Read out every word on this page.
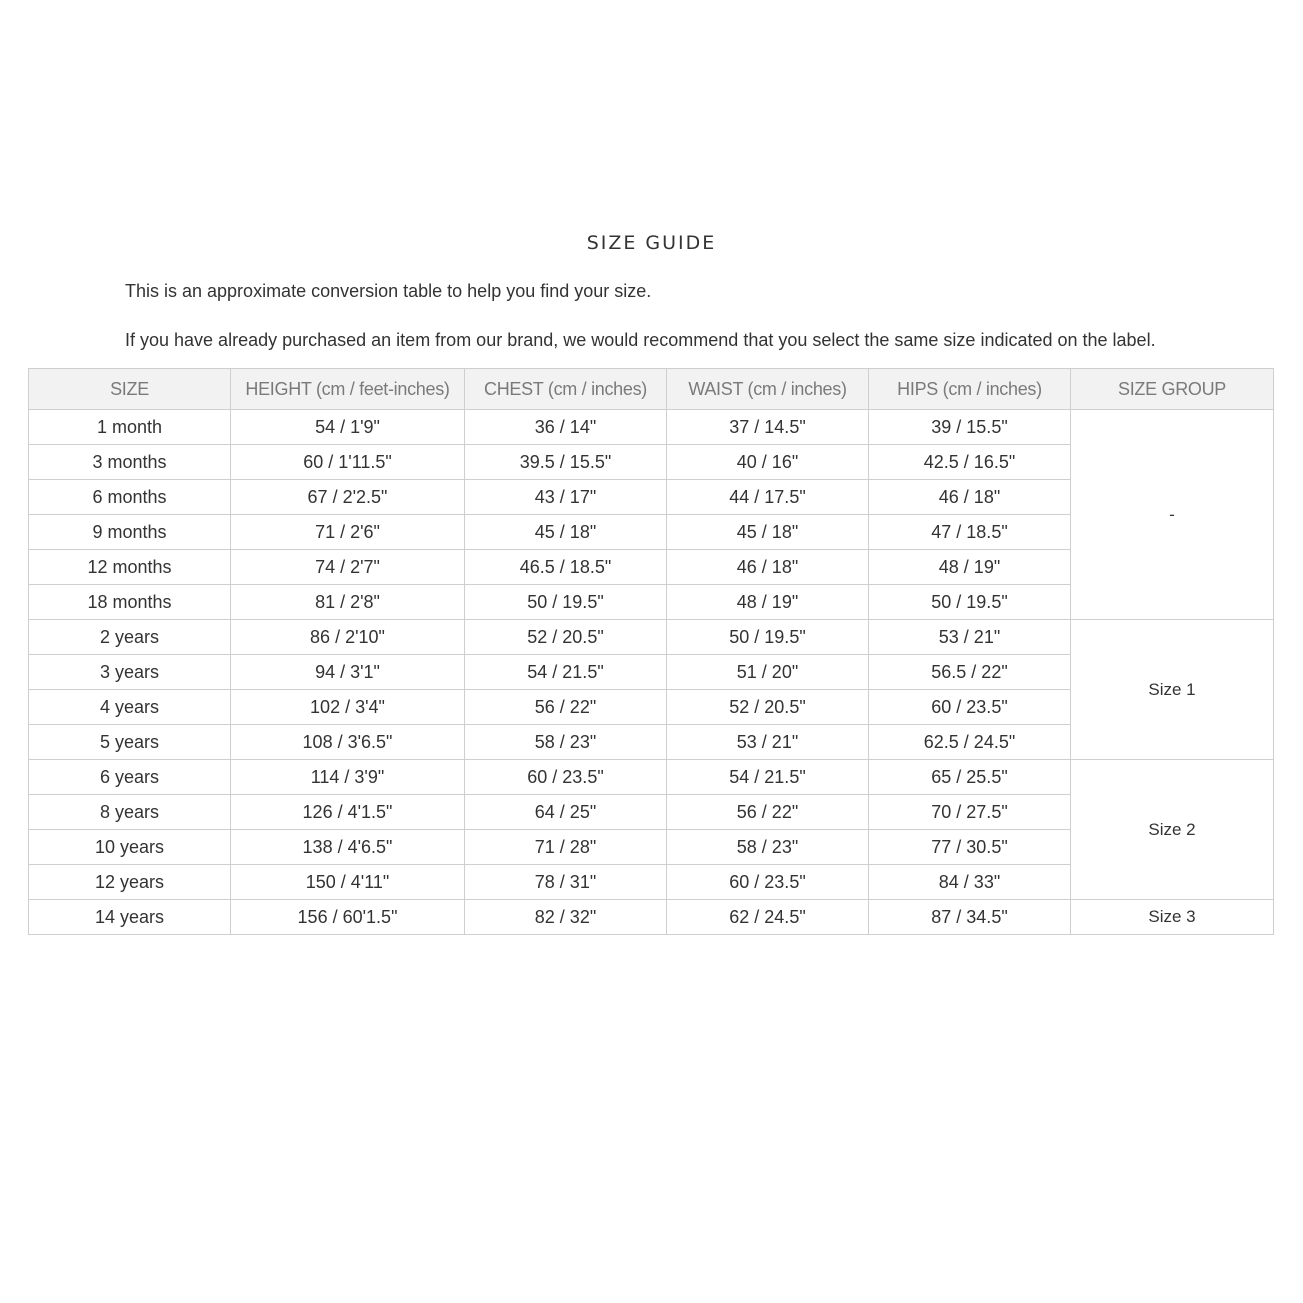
SIZE GUIDE
This is an approximate conversion table to help you find your size.
If you have already purchased an item from our brand, we would recommend that you select the same size indicated on the label.
SIZE	HEIGHT (cm / feet-inches)	CHEST (cm / inches)	WAIST (cm / inches)	HIPS (cm / inches)	SIZE GROUP
1 month	54 / 1'9"	36 / 14"	37 / 14.5"	39 / 15.5"	-
3 months	60 / 1'11.5"	39.5 / 15.5"	40 / 16"	42.5 / 16.5"	
6 months	67 / 2'2.5"	43 / 17"	44 / 17.5"	46 / 18"	
9 months	71 / 2'6"	45 / 18"	45 / 18"	47 / 18.5"	
12 months	74 / 2'7"	46.5 / 18.5"	46 / 18"	48 / 19"	
18 months	81 / 2'8"	50 / 19.5"	48 / 19"	50 / 19.5"	
2 years	86 / 2'10"	52 / 20.5"	50 / 19.5"	53 / 21"	Size 1
3 years	94 / 3'1"	54 / 21.5"	51 / 20"	56.5 / 22"	
4 years	102 / 3'4"	56 / 22"	52 / 20.5"	60 / 23.5"	
5 years	108 / 3'6.5"	58 / 23"	53 / 21"	62.5 / 24.5"	
6 years	114 / 3'9"	60 / 23.5"	54 / 21.5"	65 / 25.5"	Size 2
8 years	126 / 4'1.5"	64 / 25"	56 / 22"	70 / 27.5"	
10 years	138 / 4'6.5"	71 / 28"	58 / 23"	77 / 30.5"	
12 years	150 / 4'11"	78 / 31"	60 / 23.5"	84 / 33"	
14 years	156 / 60'1.5"	82 / 32"	62 / 24.5"	87 / 34.5"	Size 3
